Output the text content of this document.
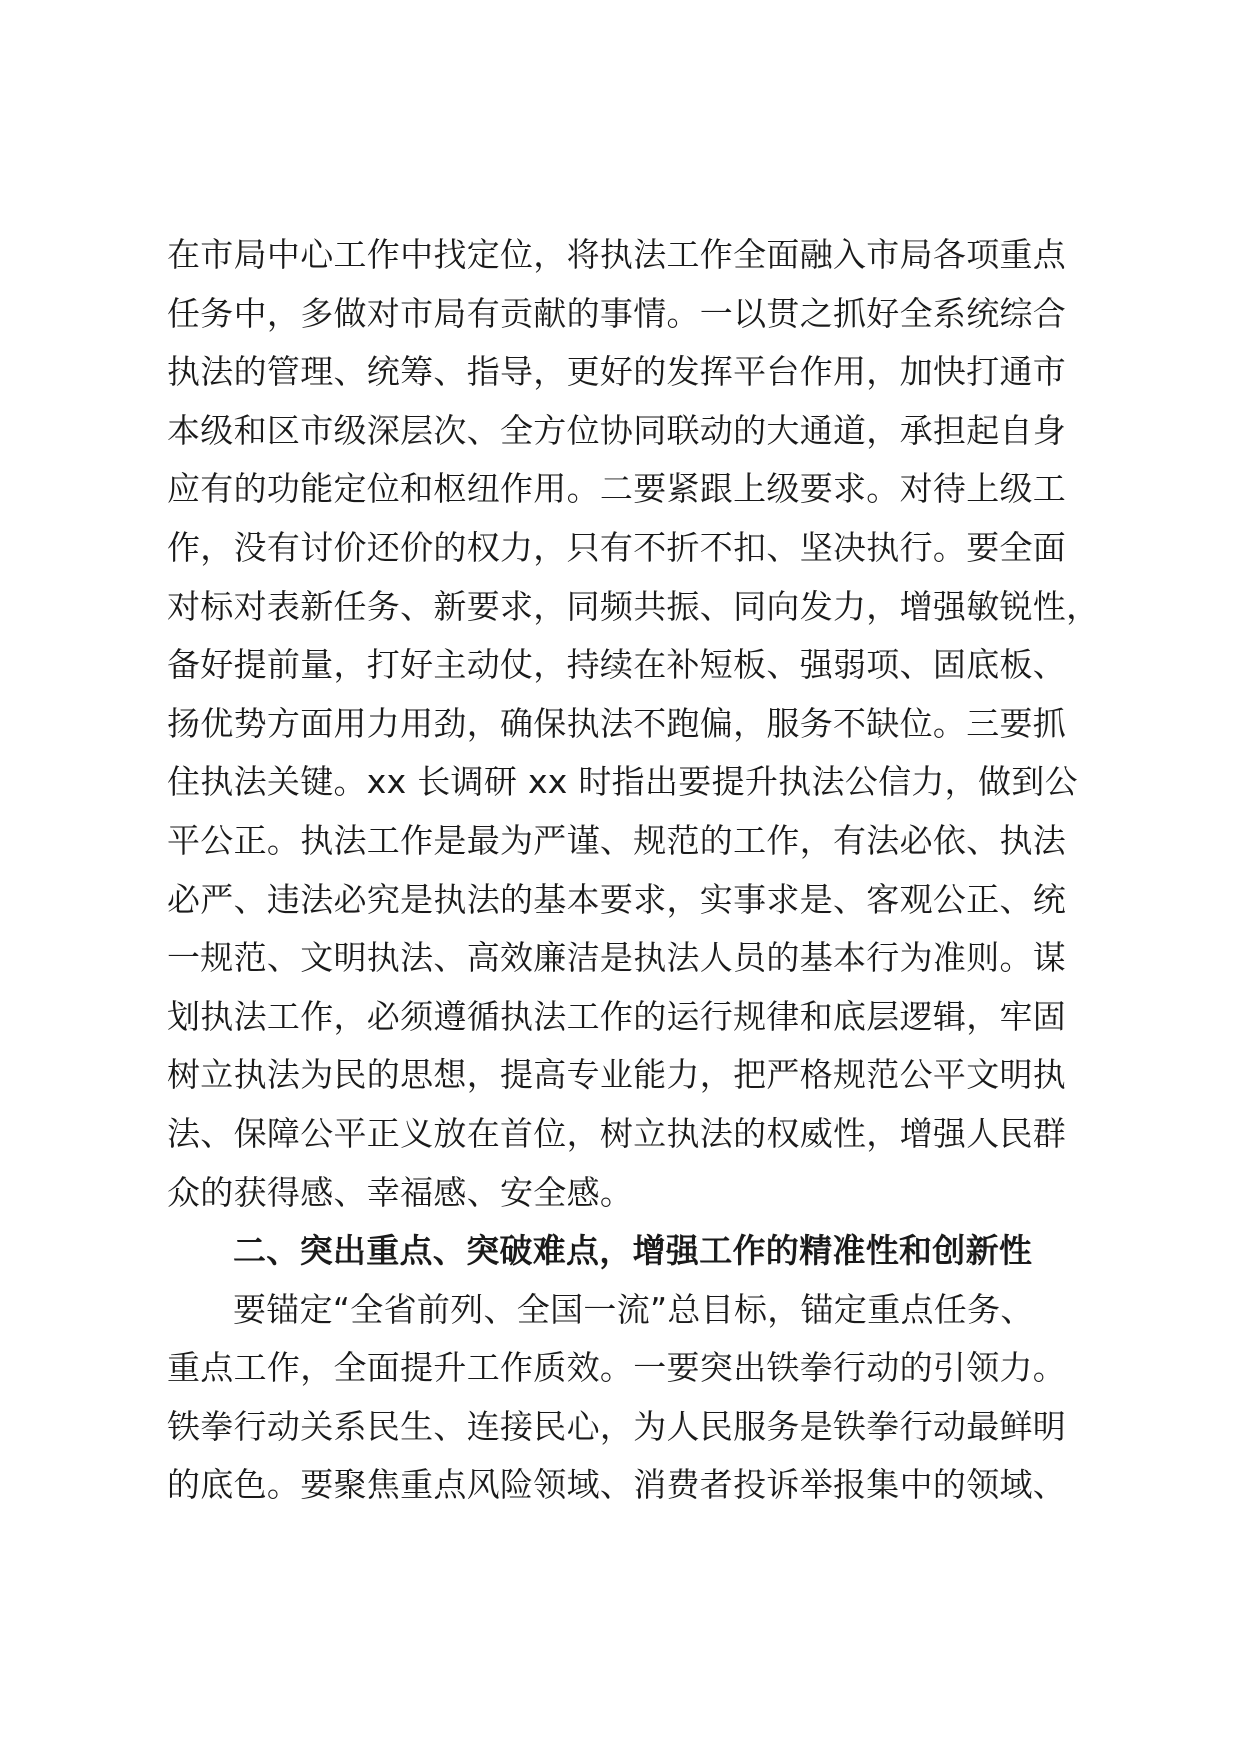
在市局中心工作中找定位，将执法工作全面融入市局各项重点
任务中，多做对市局有贡献的事情。一以贯之抓好全系统综合
执法的管理、统筹、指导，更好的发挥平台作用，加快打通市
本级和区市级深层次、全方位协同联动的大通道，承担起自身
应有的功能定位和枢纽作用。二要紧跟上级要求。对待上级工
作，没有讨价还价的权力，只有不折不扣、坚决执行。要全面
对标对表新任务、新要求，同频共振、同向发力，增强敏锐性，
备好提前量，打好主动仗，持续在补短板、强弱项、固底板、
扬优势方面用力用劲，确保执法不跑偏，服务不缺位。三要抓
住执法关键。xx 长调研 xx 时指出要提升执法公信力，做到公
平公正。执法工作是最为严谨、规范的工作，有法必依、执法
必严、违法必究是执法的基本要求，实事求是、客观公正、统
一规范、文明执法、高效廉洁是执法人员的基本行为准则。谋
划执法工作，必须遵循执法工作的运行规律和底层逻辑，牢固
树立执法为民的思想，提高专业能力，把严格规范公平文明执
法、保障公平正义放在首位，树立执法的权威性，增强人民群
众的获得感、幸福感、安全感。
二、突出重点、突破难点，增强工作的精准性和创新性
要锚定“全省前列、全国一流”总目标，锚定重点任务、
重点工作，全面提升工作质效。一要突出铁拳行动的引领力。
铁拳行动关系民生、连接民心，为人民服务是铁拳行动最鲜明
的底色。要聚焦重点风险领域、消费者投诉举报集中的领域、
